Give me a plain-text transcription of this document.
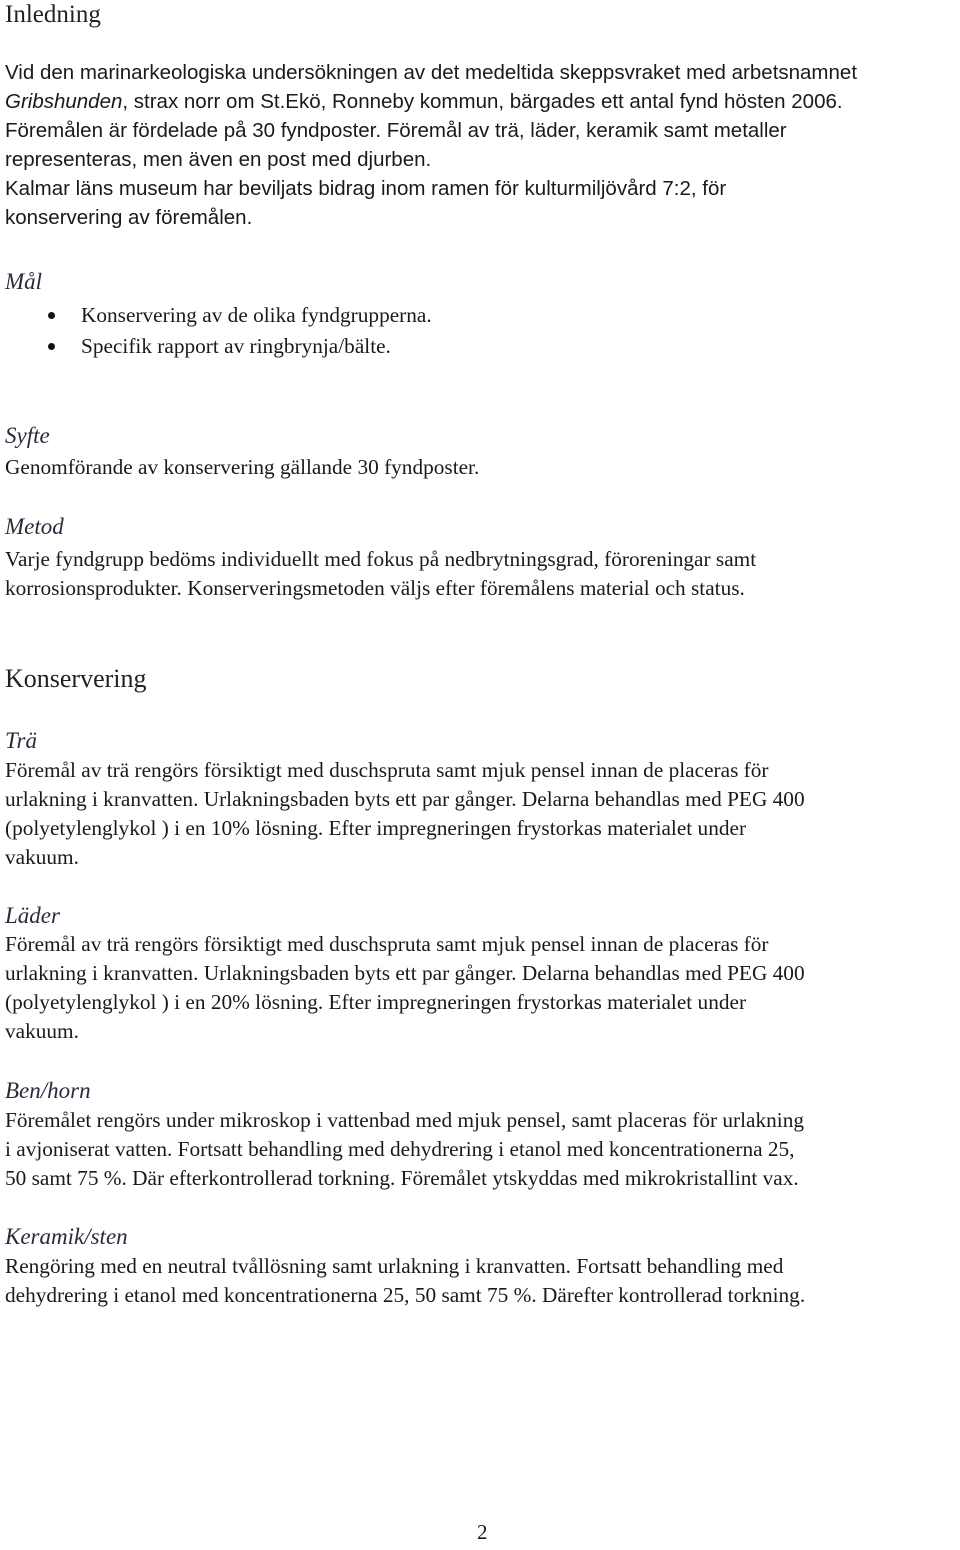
Inledning
Vid den marinarkeologiska undersökningen av det medeltida skeppsvraket med arbetsnamnet
Gribshunden, strax norr om St.Ekö, Ronneby kommun, bärgades ett antal fynd hösten 2006.
Föremålen är fördelade på 30 fyndposter. Föremål av trä, läder, keramik samt metaller
representeras, men även en post med djurben.
Kalmar läns museum har beviljats bidrag inom ramen för kulturmiljövård 7:2, för
konservering av föremålen.
Mål
Konservering av de olika fyndgrupperna.
Specifik rapport av ringbrynja/bälte.
Syfte
Genomförande av konservering gällande 30 fyndposter.
Metod
Varje fyndgrupp bedöms individuellt med fokus på nedbrytningsgrad, föroreningar samt
korrosionsprodukter. Konserveringsmetoden väljs efter föremålens material och status.
Konservering
Trä
Föremål av trä rengörs försiktigt med duschspruta samt mjuk pensel innan de placeras för
urlakning i kranvatten. Urlakningsbaden byts ett par gånger. Delarna behandlas med PEG 400
(polyetylenglykol ) i en 10% lösning. Efter impregneringen frystorkas materialet under
vakuum.
Läder
Föremål av trä rengörs försiktigt med duschspruta samt mjuk pensel innan de placeras för
urlakning i kranvatten. Urlakningsbaden byts ett par gånger. Delarna behandlas med PEG 400
(polyetylenglykol ) i en 20% lösning. Efter impregneringen frystorkas materialet under
vakuum.
Ben/horn
Föremålet rengörs under mikroskop i vattenbad med mjuk pensel, samt placeras för urlakning
i avjoniserat vatten. Fortsatt behandling med dehydrering i etanol med koncentrationerna 25,
50 samt 75 %. Där efterkontrollerad torkning. Föremålet ytskyddas med mikrokristallint vax.
Keramik/sten
Rengöring med en neutral tvållösning samt urlakning i kranvatten. Fortsatt behandling med
dehydrering i etanol med koncentrationerna 25, 50 samt 75 %. Därefter kontrollerad torkning.

2
